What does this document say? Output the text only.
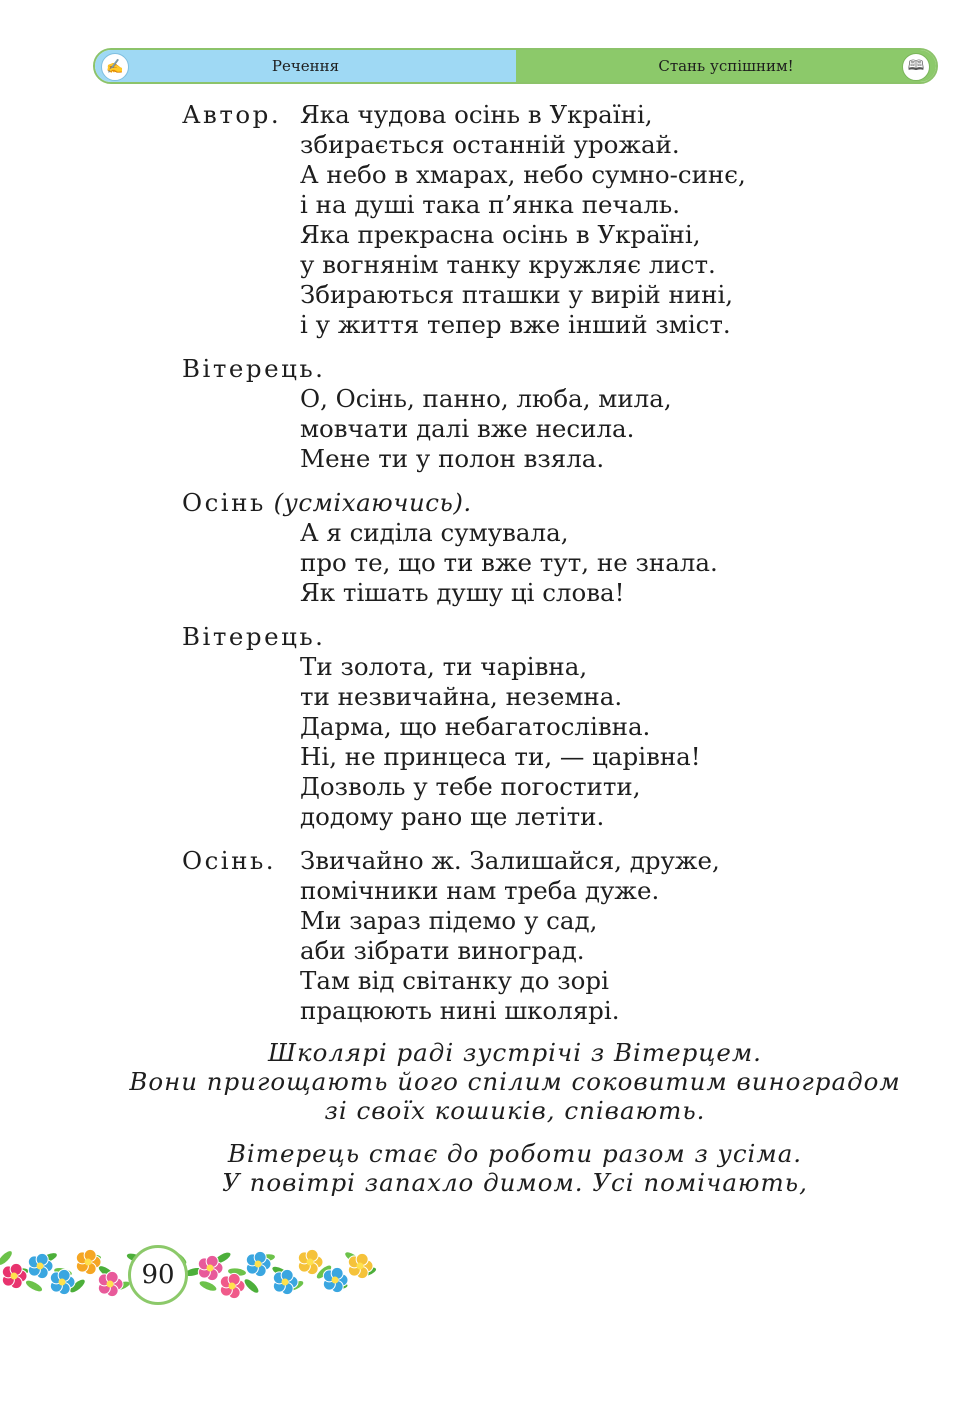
✍	Речення	Стань успішним!	🕮
Автор. Яка чудова осінь в Україні,
збирається останній урожай.
А небо в хмарах, небо сумно-синє,
і на душі така п’янка печаль.
Яка прекрасна осінь в Україні,
у вогнянім танку кружляє лист.
Збираються пташки у вирій нині,
і у життя тепер вже інший зміст.
Вітерець.
О, Осінь, панно, люба, мила,
мовчати далі вже несила.
Мене ти у полон взяла.
Осінь (усміхаючись).
А я сиділа сумувала,
про те, що ти вже тут, не знала.
Як тішать душу ці слова!
Вітерець.
Ти золота, ти чарівна,
ти незвичайна, неземна.
Дарма, що небагатослівна.
Ні, не принцеса ти, — царівна!
Дозволь у тебе погостити,
додому рано ще летіти.
Осінь. Звичайно ж. Залишайся, друже,
помічники нам треба дуже.
Ми зараз підемо у сад,
аби зібрати виноград.
Там від світанку до зорі
працюють нині школярі.
Школярі раді зустрічі з Вітерцем.
Вони пригощають його спілим соковитим виноградом
зі своїх кошиків, співають.
Вітерець стає до роботи разом з усіма.
У повітрі запахло димом. Усі помічають,
90
